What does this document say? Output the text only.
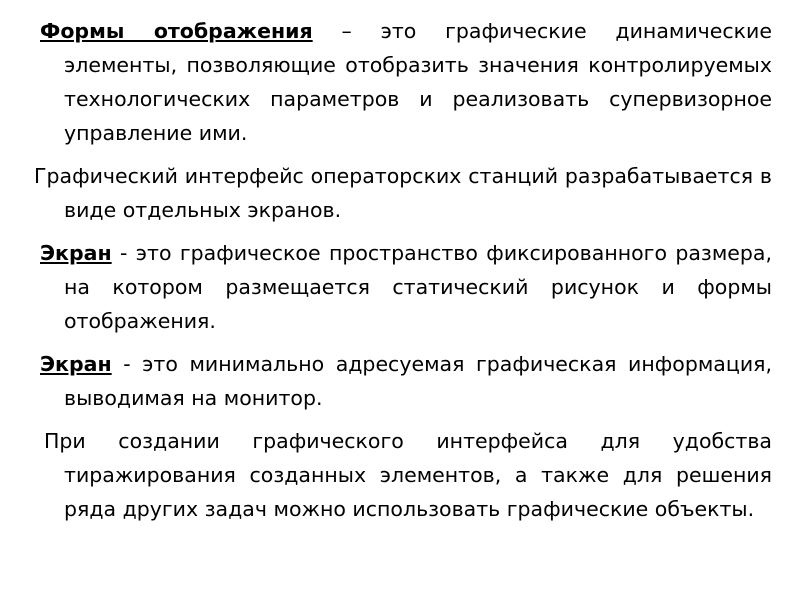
Формы отображения – это графические динамические элементы, позволяющие отобразить значения контролируемых технологических параметров и реализовать супервизорное управление ими.

Графический интерфейс операторских станций разрабатывается в виде отдельных экранов.

Экран - это графическое пространство фиксированного размера, на котором размещается статический рисунок и формы отображения.

Экран - это минимально адресуемая графическая информация, выводимая на монитор.

При создании графического интерфейса для удобства тиражирования созданных элементов, а также для решения ряда других задач можно использовать графические объекты.
